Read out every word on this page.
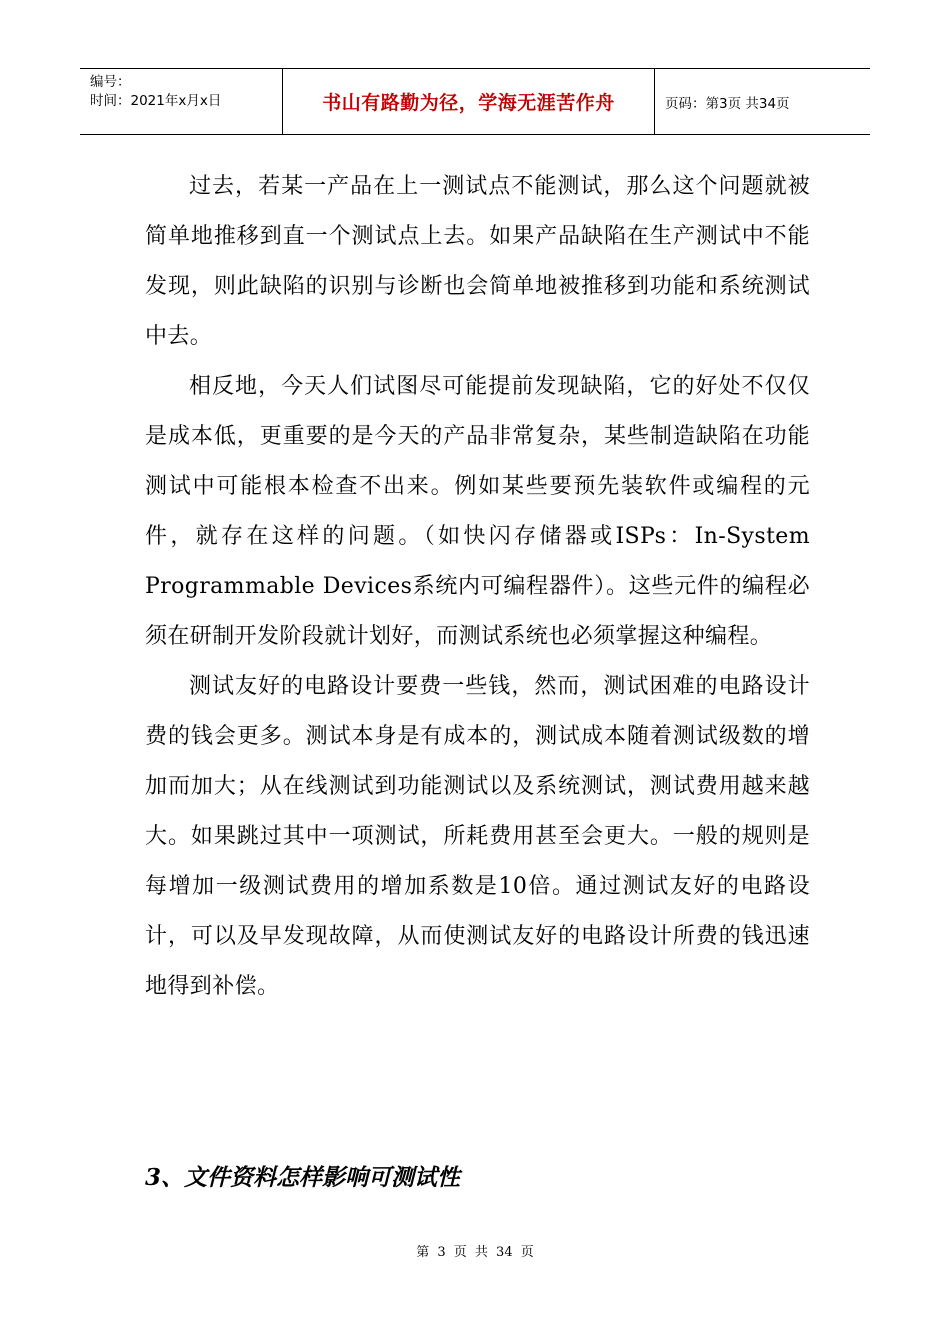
编号：
时间：2021年x月x日	书山有路勤为径，学海无涯苦作舟	页码：第3页 共34页

过去，若某一产品在上一测试点不能测试，那么这个问题就被简单地推移到直一个测试点上去。如果产品缺陷在生产测试中不能发现，则此缺陷的识别与诊断也会简单地被推移到功能和系统测试中去。

相反地，今天人们试图尽可能提前发现缺陷，它的好处不仅仅是成本低，更重要的是今天的产品非常复杂，某些制造缺陷在功能测试中可能根本检查不出来。例如某些要预先装软件或编程的元件，就存在这样的问题。（如快闪存储器或ISPs：In-System Programmable Devices系统内可编程器件）。这些元件的编程必须在研制开发阶段就计划好，而测试系统也必须掌握这种编程。

测试友好的电路设计要费一些钱，然而，测试困难的电路设计费的钱会更多。测试本身是有成本的，测试成本随着测试级数的增加而加大；从在线测试到功能测试以及系统测试，测试费用越来越大。如果跳过其中一项测试，所耗费用甚至会更大。一般的规则是每增加一级测试费用的增加系数是10倍。通过测试友好的电路设计，可以及早发现故障，从而使测试友好的电路设计所费的钱迅速地得到补偿。

3、文件资料怎样影响可测试性
第 3 页 共 34 页
